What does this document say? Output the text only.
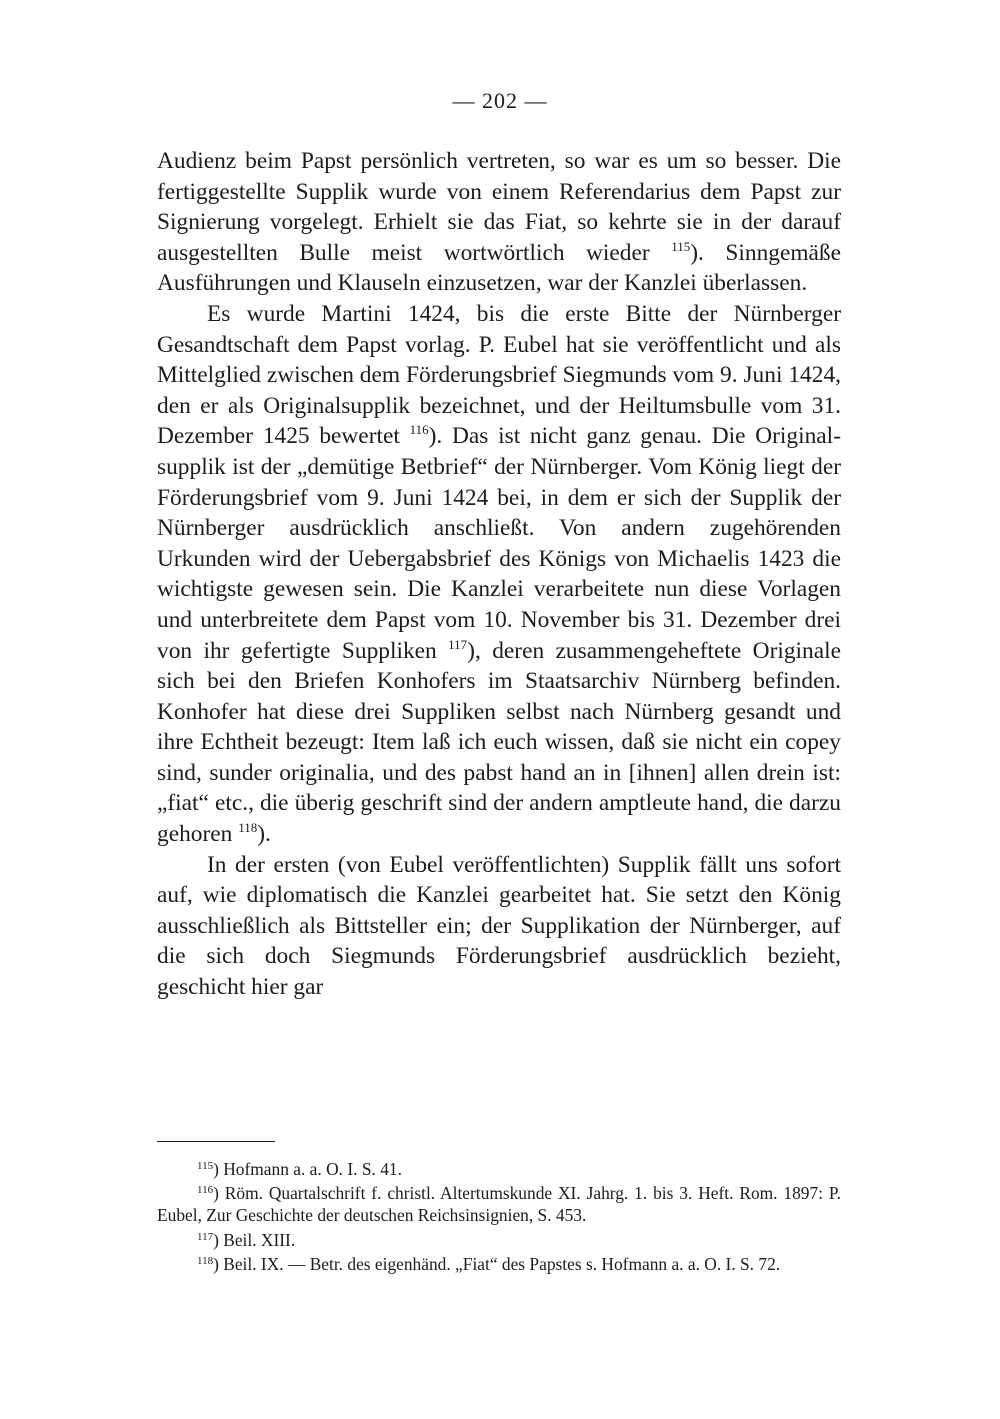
— 202 —

Audienz beim Papst persönlich vertreten, so war es um so besser. Die fertiggestellte Supplik wurde von einem Referendarius dem Papst zur Signierung vorgelegt. Erhielt sie das Fiat, so kehrte sie in der darauf ausgestellten Bulle meist wortwörtlich wieder $^{115}$). Sinngemäße Ausführungen und Klauseln einzusetzen, war der Kanzlei überlassen.

Es wurde Martini 1424, bis die erste Bitte der Nürnberger Gesandtschaft dem Papst vorlag. P. Eubel hat sie veröffentlicht und als Mittelglied zwischen dem Förderungsbrief Siegmunds vom 9. Juni 1424, den er als Originalsupplik bezeichnet, und der Heiltumsbulle vom 31. Dezember 1425 bewertet $^{116}$). Das ist nicht ganz genau. Die Originalsupplik ist der „demütige Betbrief“ der Nürnberger. Vom König liegt der Förderungsbrief vom 9. Juni 1424 bei, in dem er sich der Supplik der Nürnberger ausdrücklich anschließt. Von andern zugehörenden Urkunden wird der Uebergabsbrief des Königs von Michaelis 1423 die wichtigste gewesen sein. Die Kanzlei verarbeitete nun diese Vorlagen und unterbreitete dem Papst vom 10. November bis 31. Dezember drei von ihr gefertigte Suppliken $^{117}$), deren zusammengeheftete Originale sich bei den Briefen Konhofers im Staatsarchiv Nürnberg befinden. Konhofer hat diese drei Suppliken selbst nach Nürnberg gesandt und ihre Echtheit bezeugt: Item laß ich euch wissen, daß sie nicht ein copey sind, sunder originalia, und des pabst hand an in [ihnen] allen drein ist: „fiat“ etc., die überig geschrift sind der andern amptleute hand, die darzu gehoren $^{118}$).

In der ersten (von Eubel veröffentlichten) Supplik fällt uns sofort auf, wie diplomatisch die Kanzlei gearbeitet hat. Sie setzt den König ausschließlich als Bittsteller ein; der Supplikation der Nürnberger, auf die sich doch Siegmunds Förderungsbrief ausdrücklich bezieht, geschicht hier gar

$^{115}$) Hofmann a. a. O. I. S. 41.

$^{116}$) Röm. Quartalschrift f. christl. Altertumskunde XI. Jahrg. 1. bis 3. Heft. Rom. 1897: P. Eubel, Zur Geschichte der deutschen Reichsinsignien, S. 453.

$^{117}$) Beil. XIII.

$^{118}$) Beil. IX. — Betr. des eigenhänd. „Fiat“ des Papstes s. Hofmann a. a. O. I. S. 72.
